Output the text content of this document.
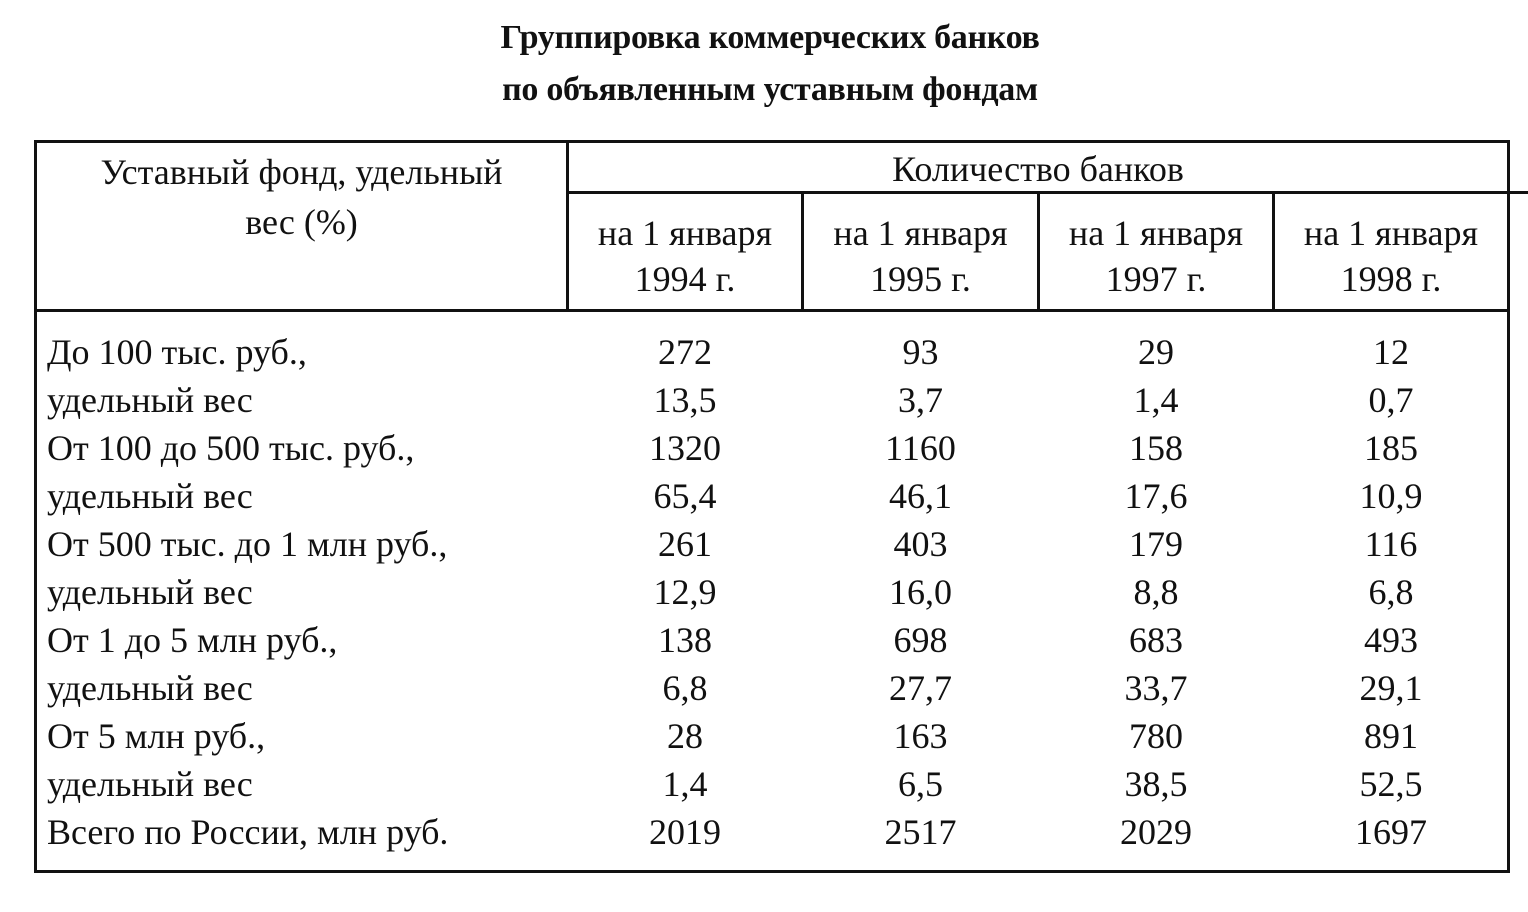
Группировка коммерческих банков
по объявленным уставным фондам
Уставный фонд, удельный
вес (%)
Количество банков
на 1 января
1994 г.
на 1 января
1995 г.
на 1 января
1997 г.
на 1 января
1998 г.
До 100 тыс. руб.,	272	93	29	12
удельный вес	13,5	3,7	1,4	0,7
От 100 до 500 тыс. руб.,	1320	1160	158	185
удельный вес	65,4	46,1	17,6	10,9
От 500 тыс. до 1 млн руб.,	261	403	179	116
удельный вес	12,9	16,0	8,8	6,8
От 1 до 5 млн руб.,	138	698	683	493
удельный вес	6,8	27,7	33,7	29,1
От 5 млн руб.,	28	163	780	891
удельный вес	1,4	6,5	38,5	52,5
Всего по России, млн руб.	2019	2517	2029	1697
